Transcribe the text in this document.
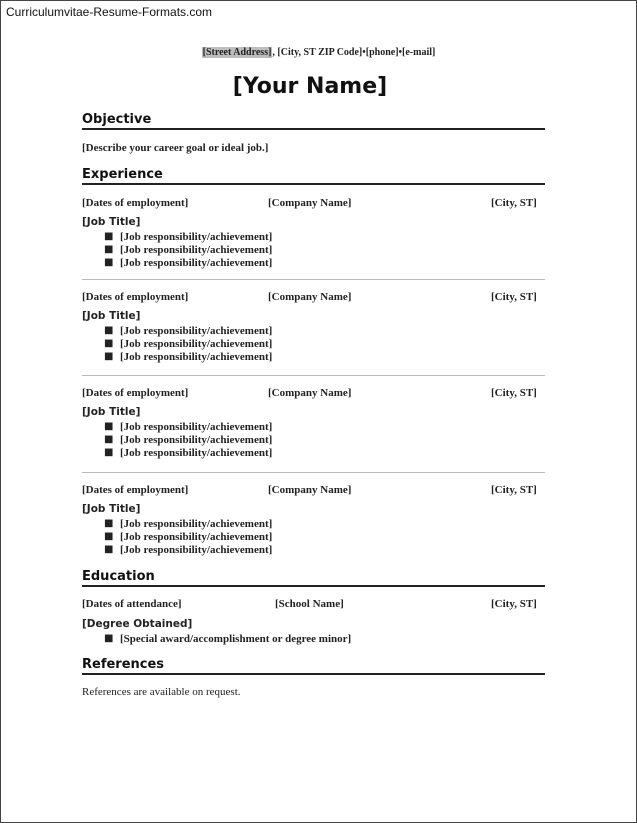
Curriculumvitae-Resume-Formats.com
[Street Address], [City, ST ZIP Code]•[phone]•[e-mail]
[Your Name]
Objective
[Describe your career goal or ideal job.]
Experience
[Dates of employment]	[Company Name]	[City, ST]
[Job Title]
■ [Job responsibility/achievement]
■ [Job responsibility/achievement]
■ [Job responsibility/achievement]
[Dates of employment]	[Company Name]	[City, ST]
[Job Title]
■ [Job responsibility/achievement]
■ [Job responsibility/achievement]
■ [Job responsibility/achievement]
[Dates of employment]	[Company Name]	[City, ST]
[Job Title]
■ [Job responsibility/achievement]
■ [Job responsibility/achievement]
■ [Job responsibility/achievement]
[Dates of employment]	[Company Name]	[City, ST]
[Job Title]
■ [Job responsibility/achievement]
■ [Job responsibility/achievement]
■ [Job responsibility/achievement]
Education
[Dates of attendance]	[School Name]	[City, ST]
[Degree Obtained]
■ [Special award/accomplishment or degree minor]
References
References are available on request.
